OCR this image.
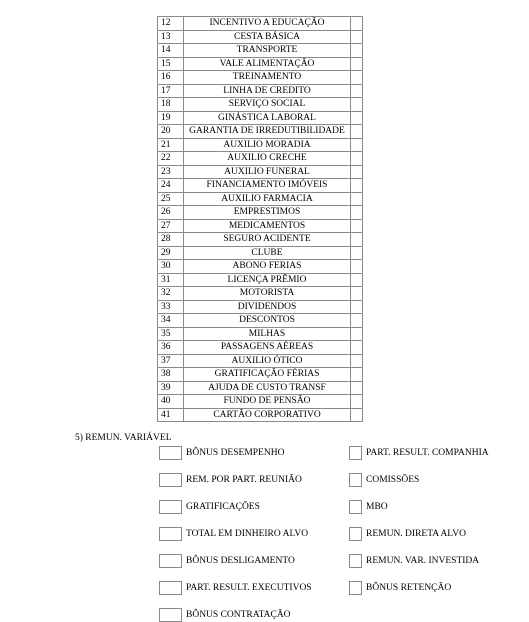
12	INCENTIVO A EDUCAÇÃO	
13	CESTA BÁSICA	
14	TRANSPORTE	
15	VALE ALIMENTAÇÃO	
16	TREINAMENTO	
17	LINHA DE CREDITO	
18	SERVIÇO SOCIAL	
19	GINÁSTICA LABORAL	
20	GARANTIA DE IRREDUTIBILIDADE	
21	AUXILIO MORADIA	
22	AUXILIO CRECHE	
23	AUXILIO FUNERAL	
24	FINANCIAMENTO IMÓVEIS	
25	AUXILIO FARMACIA	
26	EMPRESTIMOS	
27	MEDICAMENTOS	
28	SEGURO ACIDENTE	
29	CLUBE	
30	ABONO FERIAS	
31	LICENÇA PRÊMIO	
32	MOTORISTA	
33	DIVIDENDOS	
34	DESCONTOS	
35	MILHAS	
36	PASSAGENS AÉREAS	
37	AUXILIO ÓTICO	
38	GRATIFICAÇÃO FÉRIAS	
39	AJUDA DE CUSTO TRANSF	
40	FUNDO DE PENSÃO	
41	CARTÃO CORPORATIVO	
5) REMUN. VARIÁVEL
BÔNUS DESEMPENHO
REM. POR PART. REUNIÃO
GRATIFICAÇÕES
TOTAL EM DINHEIRO ALVO
BÔNUS DESLIGAMENTO
PART. RESULT. EXECUTIVOS
BÔNUS CONTRATAÇÃO
PART. RESULT. COMPANHIA
COMISSÕES
MBO
REMUN. DIRETA ALVO
REMUN. VAR. INVESTIDA
BÔNUS RETENÇÃO
